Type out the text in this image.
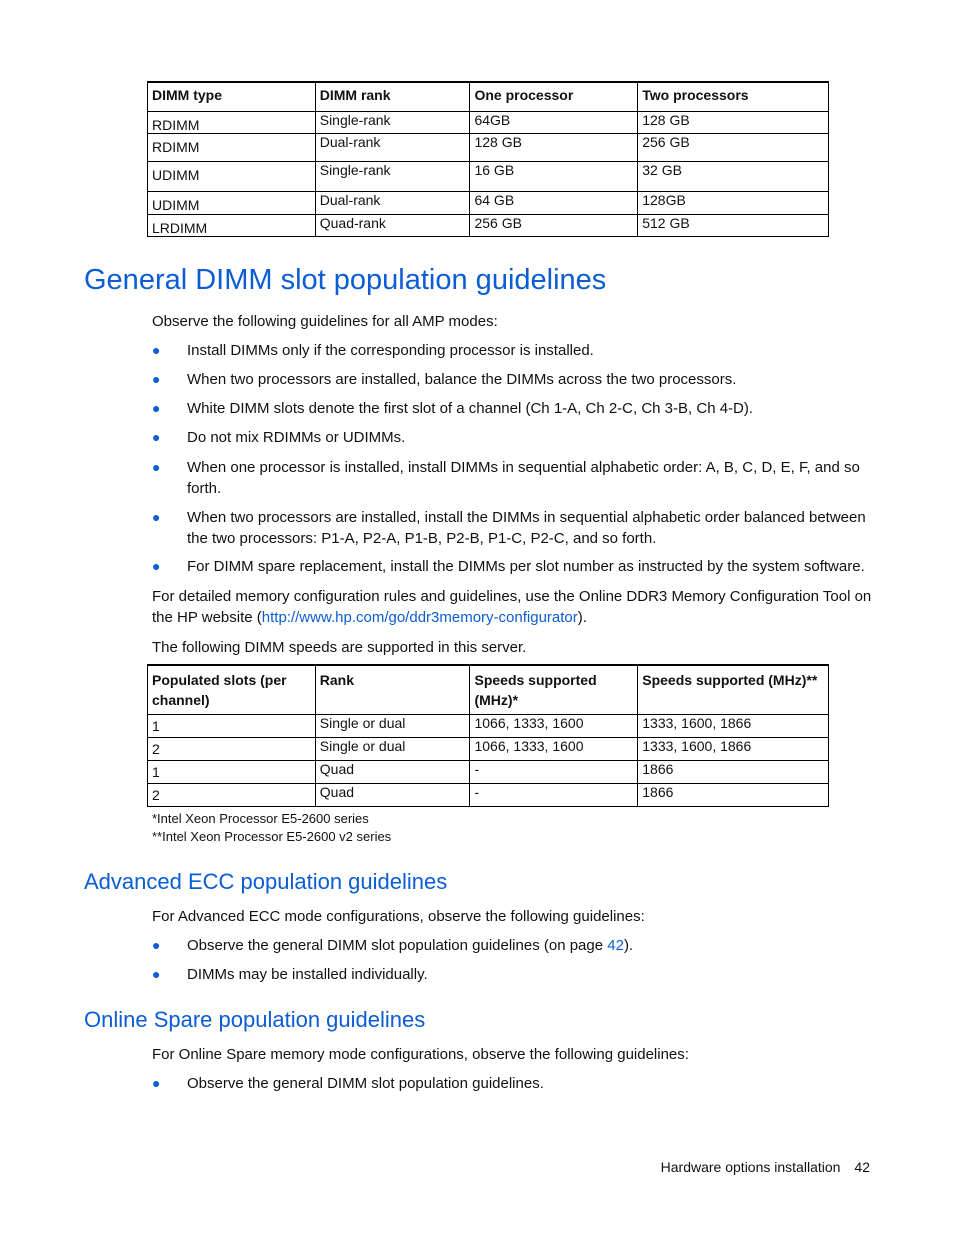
DIMM type	DIMM rank	One processor	Two processors
RDIMM	Single-rank	64GB	128 GB
RDIMM	Dual-rank	128 GB	256 GB
UDIMM	Single-rank	16 GB	32 GB
UDIMM	Dual-rank	64 GB	128GB
LRDIMM	Quad-rank	256 GB	512 GB
General DIMM slot population guidelines

Observe the following guidelines for all AMP modes:

● Install DIMMs only if the corresponding processor is installed.
● When two processors are installed, balance the DIMMs across the two processors.
● White DIMM slots denote the first slot of a channel (Ch 1-A, Ch 2-C, Ch 3-B, Ch 4-D).
● Do not mix RDIMMs or UDIMMs.
● When one processor is installed, install DIMMs in sequential alphabetic order: A, B, C, D, E, F, and so forth.
● When two processors are installed, install the DIMMs in sequential alphabetic order balanced between the two processors: P1-A, P2-A, P1-B, P2-B, P1-C, P2-C, and so forth.
● For DIMM spare replacement, install the DIMMs per slot number as instructed by the system software.

For detailed memory configuration rules and guidelines, use the Online DDR3 Memory Configuration Tool on the HP website (http://www.hp.com/go/ddr3memory-configurator).

The following DIMM speeds are supported in this server.

Populated slots (per channel)	Rank	Speeds supported (MHz)*	Speeds supported (MHz)**
1	Single or dual	1066, 1333, 1600	1333, 1600, 1866
2	Single or dual	1066, 1333, 1600	1333, 1600, 1866
1	Quad	-	1866
2	Quad	-	1866
*Intel Xeon Processor E5-2600 series
**Intel Xeon Processor E5-2600 v2 series
Advanced ECC population guidelines

For Advanced ECC mode configurations, observe the following guidelines:

● Observe the general DIMM slot population guidelines (on page 42).
● DIMMs may be installed individually.
Online Spare population guidelines

For Online Spare memory mode configurations, observe the following guidelines:

● Observe the general DIMM slot population guidelines.
Hardware options installation 42
